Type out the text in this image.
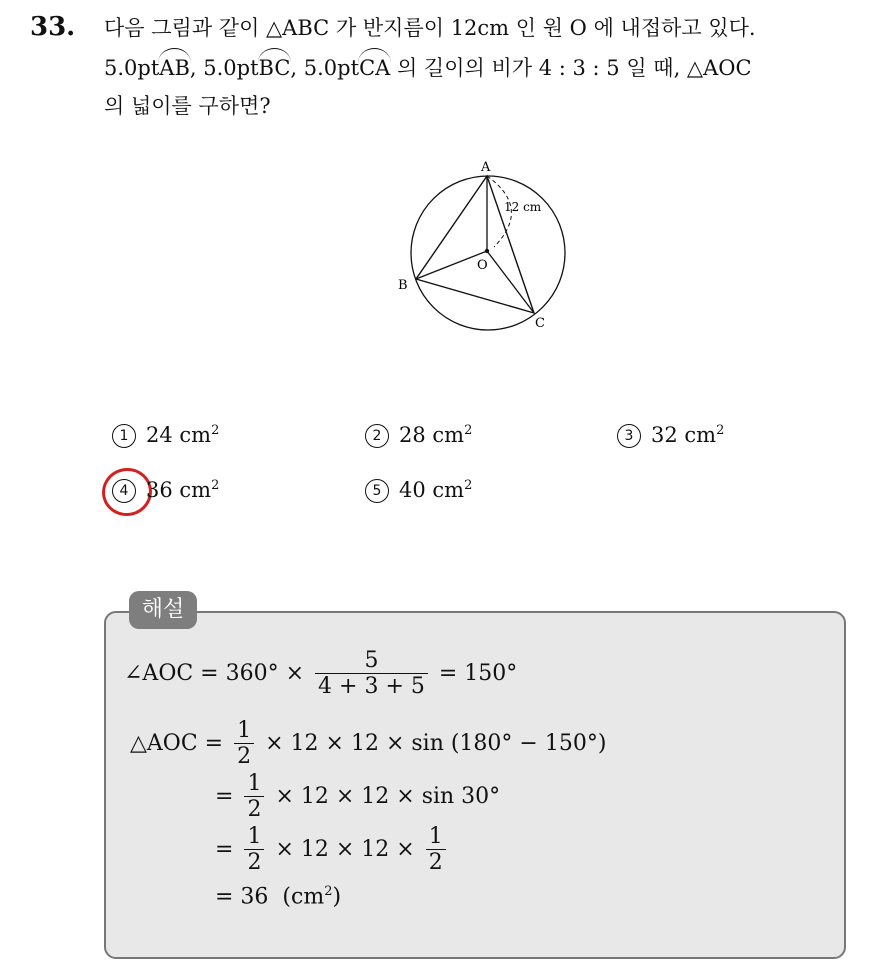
33. 다음 그림과 같이 △ABC 가 반지름이 12cm 인 원 O 에 내접하고 있다.
5.0ptAB, 5.0ptBC, 5.0ptCA 의 길이의 비가 4 : 3 : 5 일 때, △AOC
의 넓이를 구하면?
A
B
C
O
12 cm
1 24 $cm^2$	2 28 $cm^2$	3 32 $cm^2$
4 36 $cm^2$	5 40 $cm^2$
해설
∠AOC = $360^\circ \times \frac{5}{4 + 3 + 5} = 150^\circ$
△AOC = $\frac{1}{2} \times 12 \times 12 \times \sin (180^\circ - 150^\circ)$
= $\frac{1}{2} \times 12 \times 12 \times \sin 30^\circ$
= $\frac{1}{2} \times 12 \times 12 \times \frac{1}{2}$
= 36 $(cm^2)$
